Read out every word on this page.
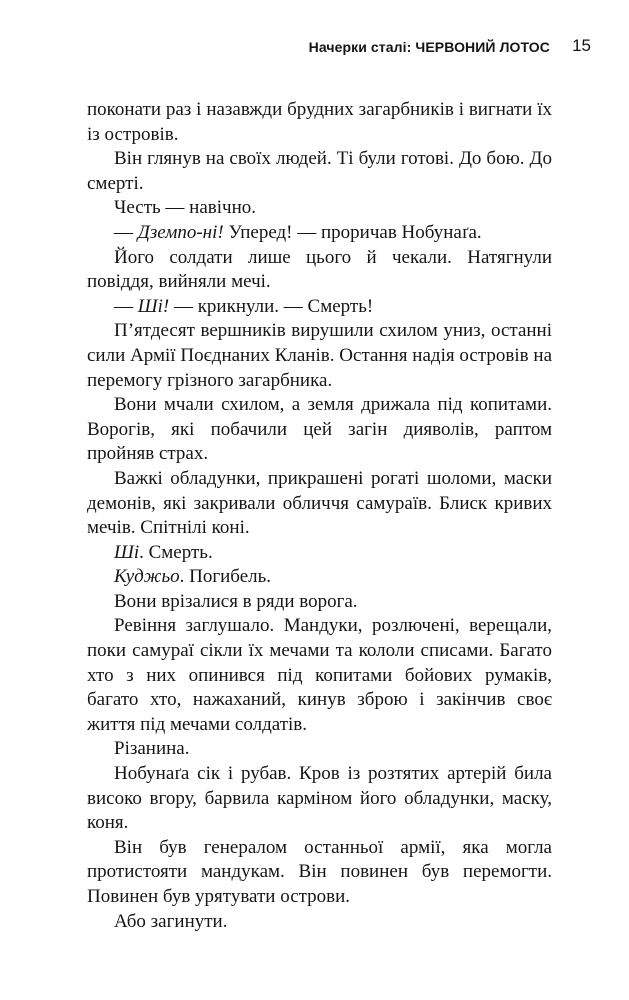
Начерки сталі: ЧЕРВОНИЙ ЛОТОС 15

поконати раз і назавжди брудних загарбників і вигнати їх із островів.

Він глянув на своїх людей. Ті були готові. До бою. До смерті.

Честь — навічно.

— Дземпо-ні! Уперед! — проричав Нобунаґа.

Його солдати лише цього й чекали. Натягнули повіддя, вийняли мечі.

— Ші! — крикнули. — Смерть!

П’ятдесят вершників вирушили схилом униз, останні сили Армії Поєднаних Кланів. Остання надія островів на перемогу грізного загарбника.

Вони мчали схилом, а земля дрижала під копитами. Ворогів, які побачили цей загін дияволів, раптом пройняв страх.

Важкі обладунки, прикрашені рогаті шоломи, маски демонів, які закривали обличчя самураїв. Блиск кривих мечів. Спітнілі коні.

Ші. Смерть.

Куджьо. Погибель.

Вони врізалися в ряди ворога.

Ревіння заглушало. Мандуки, розлючені, верещали, поки самураї сікли їх мечами та кололи списами. Багато хто з них опинився під копитами бойових румаків, багато хто, нажаханий, кинув зброю і закінчив своє життя під мечами солдатів.

Різанина.

Нобунаґа сік і рубав. Кров із розтятих артерій била високо вгору, барвила карміном його обладунки, маску, коня.

Він був генералом останньої армії, яка могла протистояти мандукам. Він повинен був перемогти. Повинен був урятувати острови.

Або загинути.
